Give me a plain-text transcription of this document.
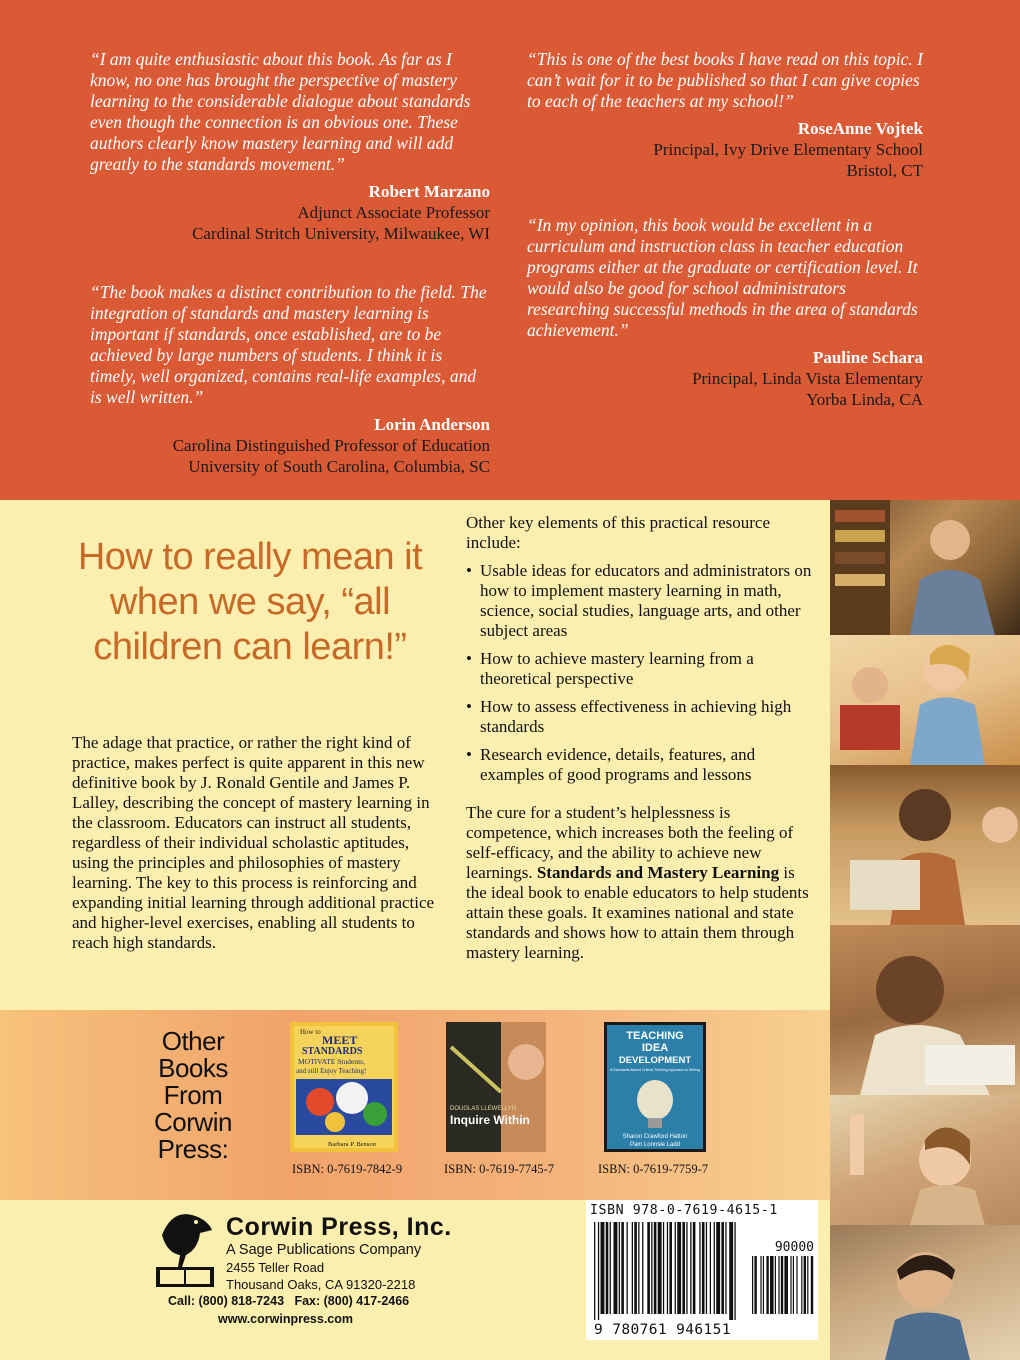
“I am quite enthusiastic about this book. As far as I know, no one has brought the perspective of mastery learning to the considerable dialogue about standards even though the connection is an obvious one. These authors clearly know mastery learning and will add greatly to the standards movement.”

Robert Marzano
Adjunct Associate Professor
Cardinal Stritch University, Milwaukee, WI

“The book makes a distinct contribution to the field. The integration of standards and mastery learning is important if standards, once established, are to be achieved by large numbers of students. I think it is timely, well organized, contains real-life examples, and is well written.”

Lorin Anderson
Carolina Distinguished Professor of Education
University of South Carolina, Columbia, SC

“This is one of the best books I have read on this topic. I can’t wait for it to be published so that I can give copies to each of the teachers at my school!”

RoseAnne Vojtek
Principal, Ivy Drive Elementary School
Bristol, CT

“In my opinion, this book would be excellent in a curriculum and instruction class in teacher education programs either at the graduate or certification level. It would also be good for school administrators researching successful methods in the area of standards achievement.”

Pauline Schara
Principal, Linda Vista Elementary
Yorba Linda, CA
How to really mean it when we say, “all children can learn!”
The adage that practice, or rather the right kind of practice, makes perfect is quite apparent in this new definitive book by J. Ronald Gentile and James P. Lalley, describing the concept of mastery learning in the classroom. Educators can instruct all students, regardless of their individual scholastic aptitudes, using the principles and philosophies of mastery learning. The key to this process is reinforcing and expanding initial learning through additional practice and higher-level exercises, enabling all students to reach high standards.
Other key elements of this practical resource include:
• Usable ideas for educators and administrators on how to implement mastery learning in math, science, social studies, language arts, and other subject areas
• How to achieve mastery learning from a theoretical perspective
• How to assess effectiveness in achieving high standards
• Research evidence, details, features, and examples of good programs and lessons
The cure for a student’s helplessness is competence, which increases both the feeling of self-efficacy, and the ability to achieve new learnings. Standards and Mastery Learning is the ideal book to enable educators to help students attain these goals. It examines national and state standards and shows how to attain them through mastery learning.
Other Books From Corwin Press:
How to
MEET
STANDARDS
MOTIVATE Students,
and still Enjoy Teaching!
Barbara P. Benson
ISBN: 0-7619-7842-9
DOUGLAS LLEWELLYN
Inquire Within
ISBN: 0-7619-7745-7
TEACHING
IDEA
DEVELOPMENT
A Standards-Based Critical-Thinking Approach to Writing
Sharon Crawford Hatton
Pam Lonnsie Ladd
ISBN: 0-7619-7759-7
Corwin Press, Inc.
A Sage Publications Company
2455 Teller Road
Thousand Oaks, CA 91320-2218
Call: (800) 818-7243 Fax: (800) 417-2466
www.corwinpress.com
ISBN 978-0-7619-4615-1
90000
9 780761 946151
